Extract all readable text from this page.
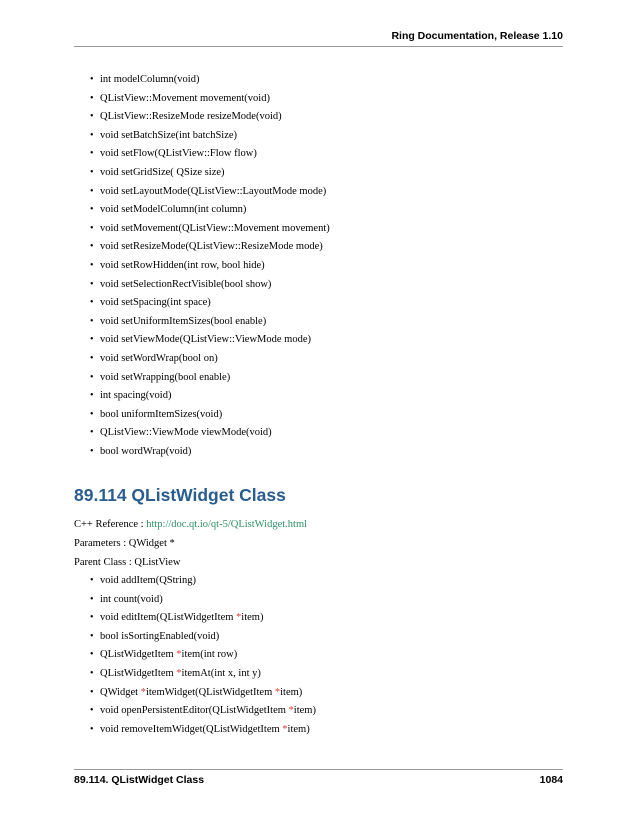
Ring Documentation, Release 1.10
• int modelColumn(void)
• QListView::Movement movement(void)
• QListView::ResizeMode resizeMode(void)
• void setBatchSize(int batchSize)
• void setFlow(QListView::Flow flow)
• void setGridSize( QSize size)
• void setLayoutMode(QListView::LayoutMode mode)
• void setModelColumn(int column)
• void setMovement(QListView::Movement movement)
• void setResizeMode(QListView::ResizeMode mode)
• void setRowHidden(int row, bool hide)
• void setSelectionRectVisible(bool show)
• void setSpacing(int space)
• void setUniformItemSizes(bool enable)
• void setViewMode(QListView::ViewMode mode)
• void setWordWrap(bool on)
• void setWrapping(bool enable)
• int spacing(void)
• bool uniformItemSizes(void)
• QListView::ViewMode viewMode(void)
• bool wordWrap(void)
89.114 QListWidget Class
C++ Reference : http://doc.qt.io/qt-5/QListWidget.html
Parameters : QWidget *
Parent Class : QListView
• void addItem(QString)
• int count(void)
• void editItem(QListWidgetItem *item)
• bool isSortingEnabled(void)
• QListWidgetItem *item(int row)
• QListWidgetItem *itemAt(int x, int y)
• QWidget *itemWidget(QListWidgetItem *item)
• void openPersistentEditor(QListWidgetItem *item)
• void removeItemWidget(QListWidgetItem *item)
89.114. QListWidget Class	1084
